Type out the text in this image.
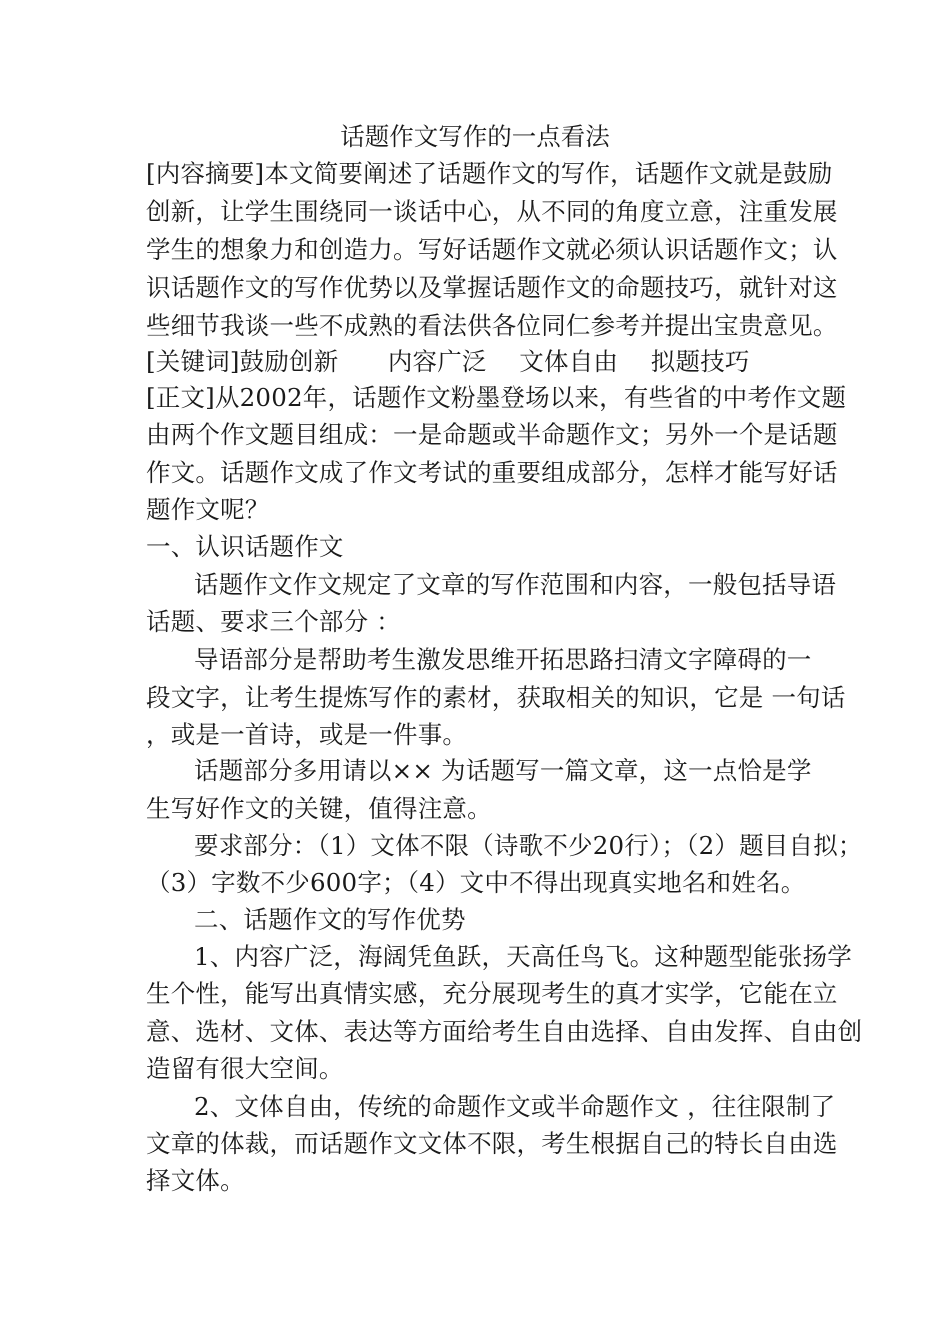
话题作文写作的一点看法
[内容摘要]本文简要阐述了话题作文的写作，话题作文就是鼓励
创新，让学生围绕同一谈话中心，从不同的角度立意，注重发展
学生的想象力和创造力。写好话题作文就必须认识话题作文；认
识话题作文的写作优势以及掌握话题作文的命题技巧，就针对这
些细节我谈一些不成熟的看法供各位同仁参考并提出宝贵意见。
[关键词]鼓励创新　　内容广泛　 文体自由　 拟题技巧
[正文]从2002年，话题作文粉墨登场以来，有些省的中考作文题
由两个作文题目组成：一是命题或半命题作文；另外一个是话题
作文。话题作文成了作文考试的重要组成部分，怎样才能写好话
题作文呢？
一、认识话题作文
话题作文作文规定了文章的写作范围和内容，一般包括导语
话题、要求三个部分 ：
导语部分是帮助考生激发思维开拓思路扫清文字障碍的一
段文字，让考生提炼写作的素材，获取相关的知识，它是 一句话
，或是一首诗，或是一件事。
话题部分多用请以×× 为话题写一篇文章，这一点恰是学
生写好作文的关键，值得注意。
要求部分：（1）文体不限（诗歌不少20行）；（2）题目自拟；
（3）字数不少600字；（4）文中不得出现真实地名和姓名。
二、话题作文的写作优势
1、内容广泛，海阔凭鱼跃，天高任鸟飞。这种题型能张扬学
生个性，能写出真情实感，充分展现考生的真才实学，它能在立
意、选材、文体、表达等方面给考生自由选择、自由发挥、自由创
造留有很大空间。
2、文体自由，传统的命题作文或半命题作文 ，往往限制了
文章的体裁，而话题作文文体不限，考生根据自己的特长自由选
择文体。
